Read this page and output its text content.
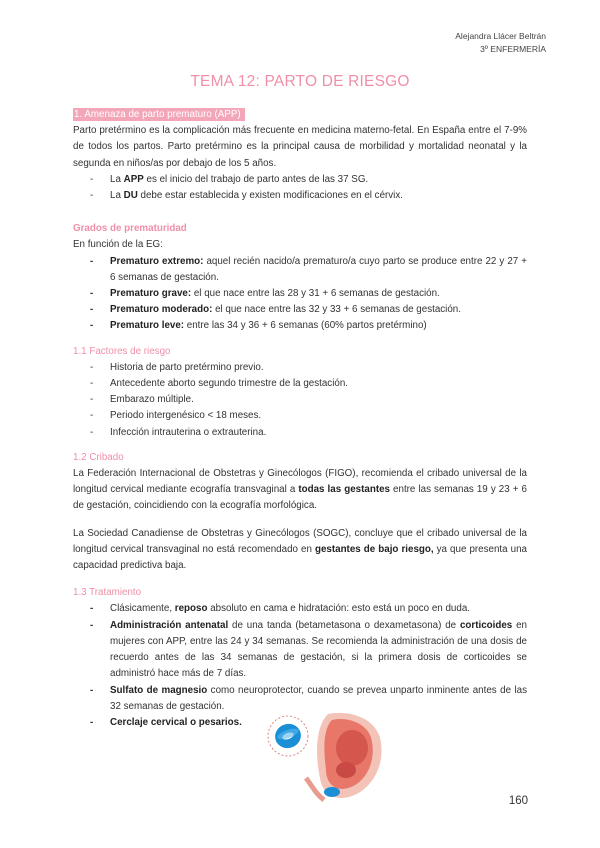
Alejandra Llácer Beltrán
3º ENFERMERÍA
TEMA 12: PARTO DE RIESGO
1. Amenaza de parto prematuro (APP)

Parto pretérmino es la complicación más frecuente en medicina materno-fetal. En España entre el 7-9% de todos los partos. Parto pretérmino es la principal causa de morbilidad y mortalidad neonatal y la segunda en niños/as por debajo de los 5 años.

- La APP es el inicio del trabajo de parto antes de las 37 SG.
- La DU debe estar establecida y existen modificaciones en el cérvix.
Grados de prematuridad

En función de la EG:

- Prematuro extremo: aquel recién nacido/a prematuro/a cuyo parto se produce entre 22 y 27 + 6 semanas de gestación.
- Prematuro grave: el que nace entre las 28 y 31 + 6 semanas de gestación.
- Prematuro moderado: el que nace entre las 32 y 33 + 6 semanas de gestación.
- Prematuro leve: entre las 34 y 36 + 6 semanas (60% partos pretérmino)
1.1 Factores de riesgo
- Historia de parto pretérmino previo.
- Antecedente aborto segundo trimestre de la gestación.
- Embarazo múltiple.
- Periodo intergenésico < 18 meses.
- Infección intrauterina o extrauterina.
1.2 Cribado

La Federación Internacional de Obstetras y Ginecólogos (FIGO), recomienda el cribado universal de la longitud cervical mediante ecografía transvaginal a todas las gestantes entre las semanas 19 y 23 + 6 de gestación, coincidiendo con la ecografía morfológica.

La Sociedad Canadiense de Obstetras y Ginecólogos (SOGC), concluye que el cribado universal de la longitud cervical transvaginal no está recomendado en gestantes de bajo riesgo, ya que presenta una capacidad predictiva baja.

1.3 Tratamiento
- Clásicamente, reposo absoluto en cama e hidratación: esto está un poco en duda.
- Administración antenatal de una tanda (betametasona o dexametasona) de corticoides en mujeres con APP, entre las 24 y 34 semanas. Se recomienda la administración de una dosis de recuerdo antes de las 34 semanas de gestación, si la primera dosis de corticoides se administró hace más de 7 días.
- Sulfato de magnesio como neuroprotector, cuando se prevea unparto inminente antes de las 32 semanas de gestación.
- Cerclaje cervical o pesarios.
160
